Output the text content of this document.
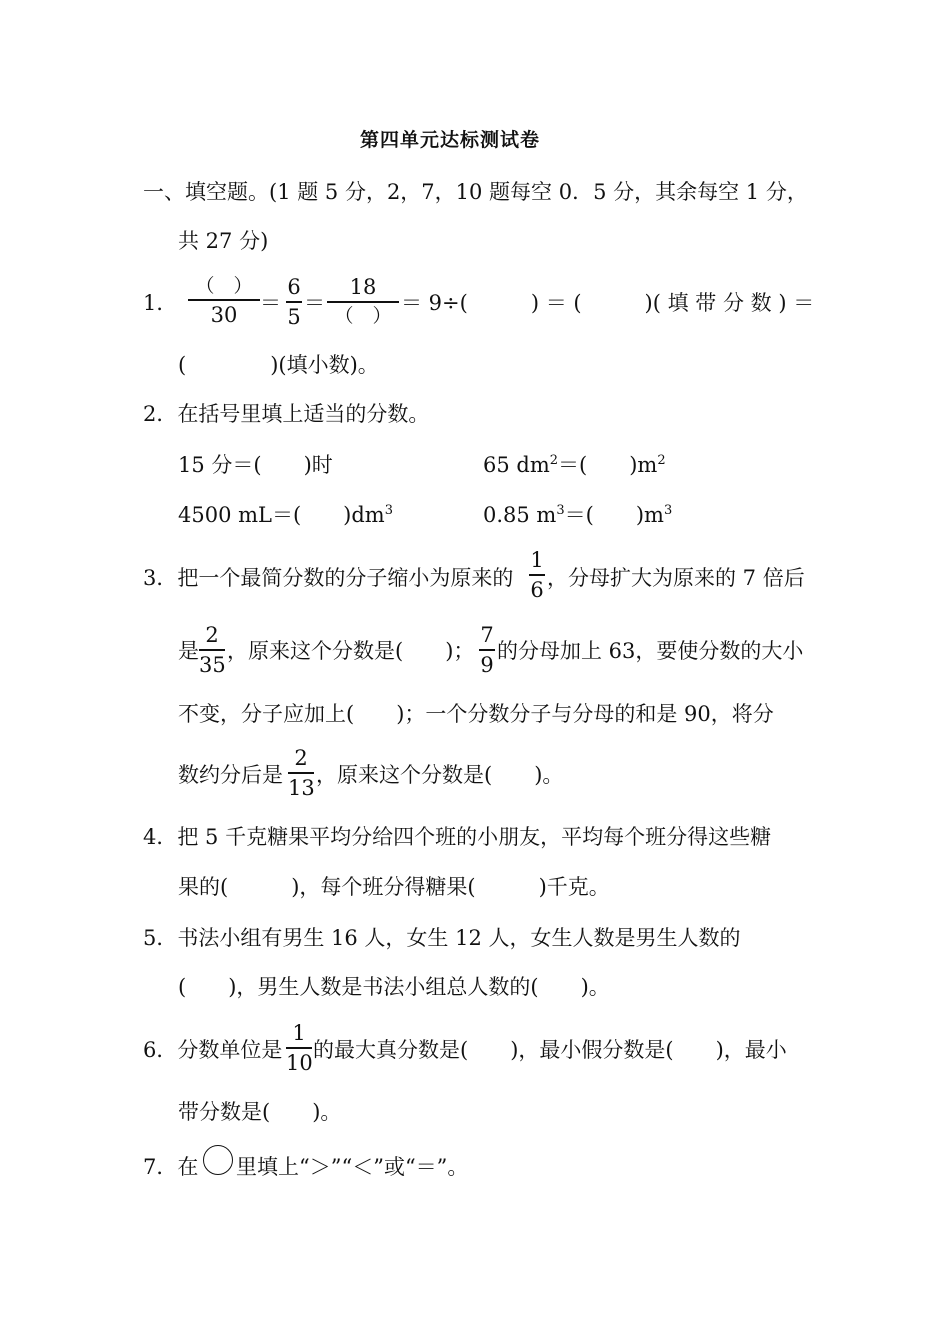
第四单元达标测试卷
一、填空题。(1 题 5 分，2，7，10 题每空 0．5 分，其余每空 1 分，
共 27 分)
1．
（　）
30	＝
6
5
＝
18
（　）
＝ 9÷(　　　) ＝ (　　　)( 填 带 分 数 ) ＝
(　　　　)(填小数)。
2．在括号里填上适当的分数。
15 分＝(　　)时	65 $dm^2=$(　　)$m^2$
4500 mL＝(　　)$dm^3$	0.85 $m^3=$(　　)$m^3$
3．把一个最简分数的分子缩小为原来的
1
6 ，分母扩大为原来的 7 倍后
是
2
35
，原来这个分数是(　　)；
7
9
的分母加上 63，要使分数的大小
不变，分子应加上(　　)；一个分数分子与分母的和是 90，将分
数约分后是
2
13
，原来这个分数是(　　)。
4．把 5 千克糖果平均分给四个班的小朋友，平均每个班分得这些糖
果的(　　　)，每个班分得糖果(　　　)千克。
5．书法小组有男生 16 人，女生 12 人，女生人数是男生人数的
(　　)，男生人数是书法小组总人数的(　　)。
6．分数单位是
1
10
的最大真分数是(　　)，最小假分数是(　　)，最小
带分数是(　　)。
7．在 里填上“＞”“＜”或“＝”。
